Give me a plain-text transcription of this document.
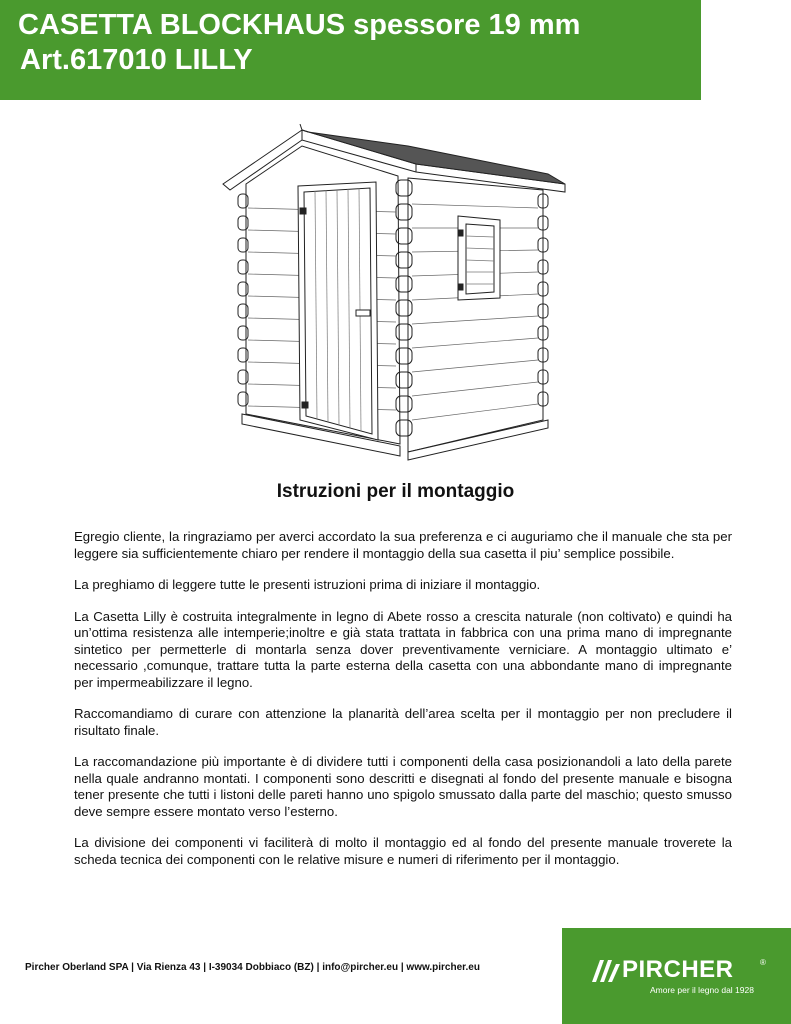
CASETTA BLOCKHAUS spessore 19 mm
Art.617010 LILLY
Istruzioni per il montaggio

Egregio cliente, la ringraziamo per averci accordato la sua preferenza e ci auguriamo che il manuale che sta per leggere sia sufficientemente chiaro per rendere il montaggio della sua casetta il piu’ semplice possibile.

La preghiamo di leggere tutte le presenti istruzioni prima di iniziare il montaggio.

La Casetta Lilly è costruita integralmente in legno di Abete rosso a crescita naturale (non coltivato) e quindi ha un’ottima resistenza alle intemperie;inoltre e già stata trattata in fabbrica con una prima mano di impregnante sintetico per permetterle di montarla senza dover preventivamente verniciare. A montaggio ultimato e’ necessario ,comunque, trattare tutta la parte esterna della casetta con una abbondante mano di impregnante per impermeabilizzare il legno.

Raccomandiamo di curare con attenzione la planarità dell’area scelta per il montaggio per non precludere il risultato finale.

La raccomandazione più importante è di dividere tutti i componenti della casa posizionandoli a lato della parete nella quale andranno montati. I componenti sono descritti e disegnati al fondo del presente manuale e bisogna tener presente che tutti i listoni delle pareti hanno uno spigolo smussato dalla parte del maschio; questo smusso deve sempre essere montato verso l’esterno.

La divisione dei componenti vi faciliterà di molto il montaggio ed al fondo del presente manuale troverete la scheda tecnica dei componenti con le relative misure e numeri di riferimento per il montaggio.

Pircher Oberland SPA | Via Rienza 43 | I-39034 Dobbiaco (BZ) | info@pircher.eu | www.pircher.eu	PIRCHER	®
Amore per il legno dal 1928
